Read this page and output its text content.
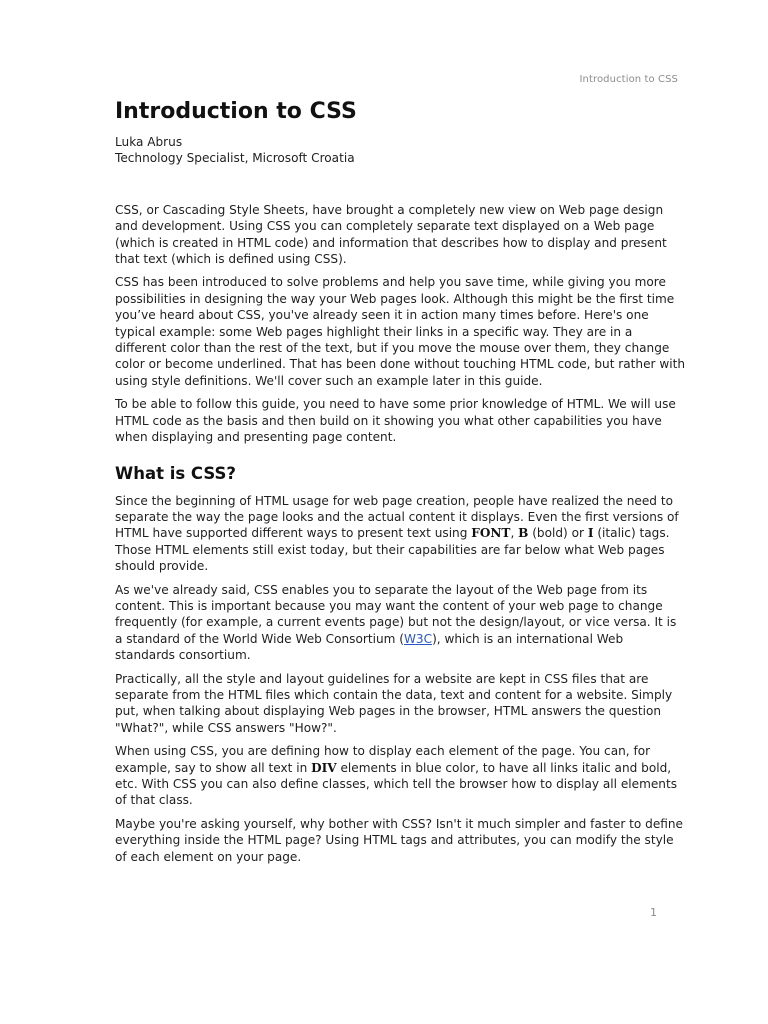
Introduction to CSS
Introduction to CSS
Luka Abrus
Technology Specialist, Microsoft Croatia

CSS, or Cascading Style Sheets, have brought a completely new view on Web page design and development. Using CSS you can completely separate text displayed on a Web page (which is created in HTML code) and information that describes how to display and present that text (which is defined using CSS).

CSS has been introduced to solve problems and help you save time, while giving you more possibilities in designing the way your Web pages look. Although this might be the first time you’ve heard about CSS, you've already seen it in action many times before. Here's one typical example: some Web pages highlight their links in a specific way. They are in a different color than the rest of the text, but if you move the mouse over them, they change color or become underlined. That has been done without touching HTML code, but rather with using style definitions. We'll cover such an example later in this guide.

To be able to follow this guide, you need to have some prior knowledge of HTML. We will use HTML code as the basis and then build on it showing you what other capabilities you have when displaying and presenting page content.

What is CSS?

Since the beginning of HTML usage for web page creation, people have realized the need to separate the way the page looks and the actual content it displays. Even the first versions of HTML have supported different ways to present text using FONT, B (bold) or I (italic) tags. Those HTML elements still exist today, but their capabilities are far below what Web pages should provide.

As we've already said, CSS enables you to separate the layout of the Web page from its content. This is important because you may want the content of your web page to change frequently (for example, a current events page) but not the design/layout, or vice versa. It is a standard of the World Wide Web Consortium (W3C), which is an international Web standards consortium.

Practically, all the style and layout guidelines for a website are kept in CSS files that are separate from the HTML files which contain the data, text and content for a website. Simply put, when talking about displaying Web pages in the browser, HTML answers the question "What?", while CSS answers "How?".

When using CSS, you are defining how to display each element of the page. You can, for example, say to show all text in DIV elements in blue color, to have all links italic and bold, etc. With CSS you can also define classes, which tell the browser how to display all elements of that class.

Maybe you're asking yourself, why bother with CSS? Isn't it much simpler and faster to define everything inside the HTML page? Using HTML tags and attributes, you can modify the style of each element on your page.

1
